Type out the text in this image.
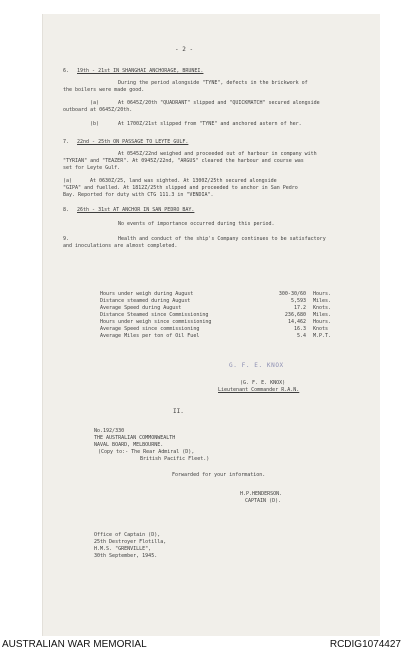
- 2 -
6. 19th - 21st IN SHANGHAI ANCHORAGE, BRUNEI.
During the period alongside "TYNE", defects in the brickwork of
the boilers were made good.
(a)	At 0645Z/20th "QUADRANT" slipped and "QUICKMATCH" secured alongside
outboard at 0645Z/20th.
(b)	At 1700Z/21st slipped from "TYNE" and anchored astern of her.
7. 22nd - 25th ON PASSAGE TO LEYTE GULF.
At 0545Z/22nd weighed and proceeded out of harbour in company with
"TYRIAN" and "TEAZER". At 0945Z/22nd, "ARGUS" cleared the harbour and course was
set for Leyte Gulf.
(a)	At 0630Z/25, land was sighted. At 1300Z/25th secured alongside
"GIPA" and fuelled. At 1812Z/25th slipped and proceeded to anchor in San Pedro
Bay. Reported for duty with CTG 111.3 in "VENDIA".
8. 26th - 31st AT ANCHOR IN SAN PEDRO BAY.
No events of importance occurred during this period.
9.	Health and conduct of the ship's Company continues to be satisfactory
and inoculations are almost completed.
Hours under weigh during August	300-30/60 Hours.
Distance steamed during August	5,593 Miles.
Average Speed during August	17.2 Knots.
Distance Steamed since Commissioning	236,680 Miles.
Hours under weigh since commissioning	14,462 Hours.
Average Speed since commissioning	16.3 Knots
Average Miles per ton of Oil Fuel	5.4 M.P.T.
G. F. E. KNOX
(G. F. E. KNOX)
Lieutenant Commander R.A.N.
II.
No.192/330
THE AUSTRALIAN COMMONWEALTH
NAVAL BOARD, MELBOURNE.
(Copy to:- The Rear Admiral (D),
British Pacific Fleet.)
Forwarded for your information.
H.P.HENDERSON.
CAPTAIN (D).
Office of Captain (D),
25th Destroyer Flotilla,
H.M.S. "GRENVILLE",
30th September, 1945.
AUSTRALIAN WAR MEMORIAL	RCDIG1074427
